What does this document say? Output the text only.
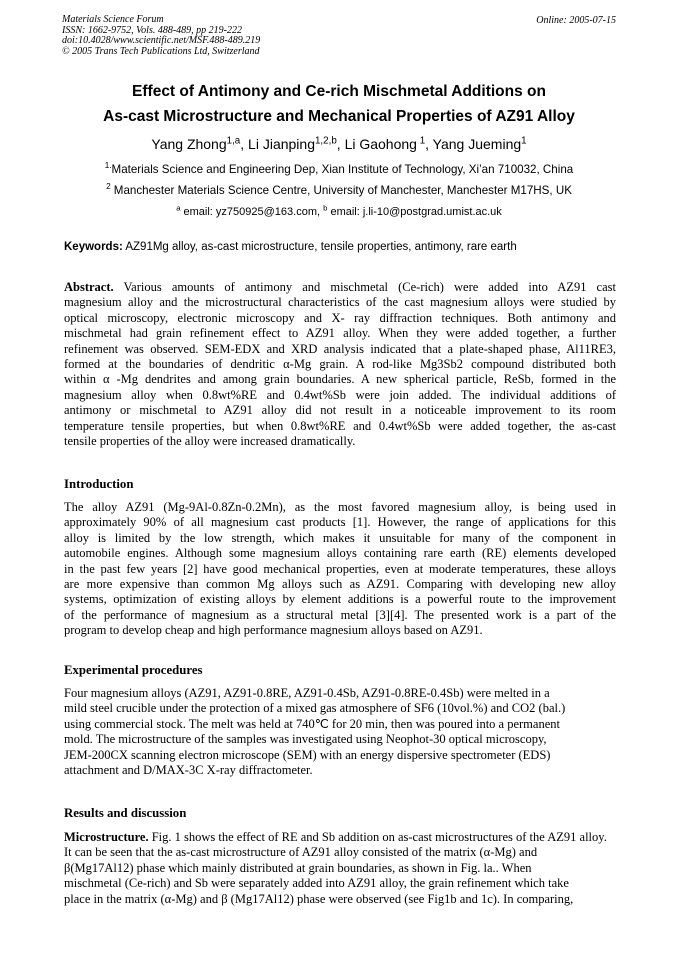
Materials Science Forum
ISSN: 1662-9752, Vols. 488-489, pp 219-222
doi:10.4028/www.scientific.net/MSF.488-489.219
© 2005 Trans Tech Publications Ltd, Switzerland
Online: 2005-07-15
Effect of Antimony and Ce-rich Mischmetal Additions on
As-cast Microstructure and Mechanical Properties of AZ91 Alloy
Yang Zhong$^{1,a}$, Li Jianping$^{1,2,b}$, Li Gaohong $^1$, Yang Jueming$^1$
$^{1.}$Materials Science and Engineering Dep, Xian Institute of Technology, Xi’an 710032, China
$^2$ Manchester Materials Science Centre, University of Manchester, Manchester M17HS, UK
$^a$ email: yz750925@163.com, $^b$ email: j.li-10@postgrad.umist.ac.uk
Keywords: AZ91Mg alloy, as-cast microstructure, tensile properties, antimony, rare earth
Abstract. Various amounts of antimony and mischmetal (Ce-rich) were added into AZ91 cast
magnesium alloy and the microstructural characteristics of the cast magnesium alloys were studied by
optical microscopy, electronic microscopy and X- ray diffraction techniques. Both antimony and
mischmetal had grain refinement effect to AZ91 alloy. When they were added together, a further
refinement was observed. SEM-EDX and XRD analysis indicated that a plate-shaped phase, Al11RE3,
formed at the boundaries of dendritic α-Mg grain. A rod-like Mg3Sb2 compound distributed both
within α -Mg dendrites and among grain boundaries. A new spherical particle, ReSb, formed in the
magnesium alloy when 0.8wt%RE and 0.4wt%Sb were join added. The individual additions of
antimony or mischmetal to AZ91 alloy did not result in a noticeable improvement to its room
temperature tensile properties, but when 0.8wt%RE and 0.4wt%Sb were added together, the as-cast
tensile properties of the alloy were increased dramatically.
Introduction
The alloy AZ91 (Mg-9Al-0.8Zn-0.2Mn), as the most favored magnesium alloy, is being used in
approximately 90% of all magnesium cast products [1]. However, the range of applications for this
alloy is limited by the low strength, which makes it unsuitable for many of the component in
automobile engines. Although some magnesium alloys containing rare earth (RE) elements developed
in the past few years [2] have good mechanical properties, even at moderate temperatures, these alloys
are more expensive than common Mg alloys such as AZ91. Comparing with developing new alloy
systems, optimization of existing alloys by element additions is a powerful route to the improvement
of the performance of magnesium as a structural metal [3][4]. The presented work is a part of the
program to develop cheap and high performance magnesium alloys based on AZ91.
Experimental procedures
Four magnesium alloys (AZ91, AZ91-0.8RE, AZ91-0.4Sb, AZ91-0.8RE-0.4Sb) were melted in a
mild steel crucible under the protection of a mixed gas atmosphere of SF6 (10vol.%) and CO2 (bal.)
using commercial stock. The melt was held at 740℃ for 20 min, then was poured into a permanent
mold. The microstructure of the samples was investigated using Neophot-30 optical microscopy,
JEM-200CX scanning electron microscope (SEM) with an energy dispersive spectrometer (EDS)
attachment and D/MAX-3C X-ray diffractometer.
Results and discussion
Microstructure. Fig. 1 shows the effect of RE and Sb addition on as-cast microstructures of the AZ91 alloy.
It can be seen that the as-cast microstructure of AZ91 alloy consisted of the matrix (α-Mg) and
β(Mg17Al12) phase which mainly distributed at grain boundaries, as shown in Fig. la.. When
mischmetal (Ce-rich) and Sb were separately added into AZ91 alloy, the grain refinement which take
place in the matrix (α-Mg) and β (Mg17Al12) phase were observed (see Fig1b and 1c). In comparing,
